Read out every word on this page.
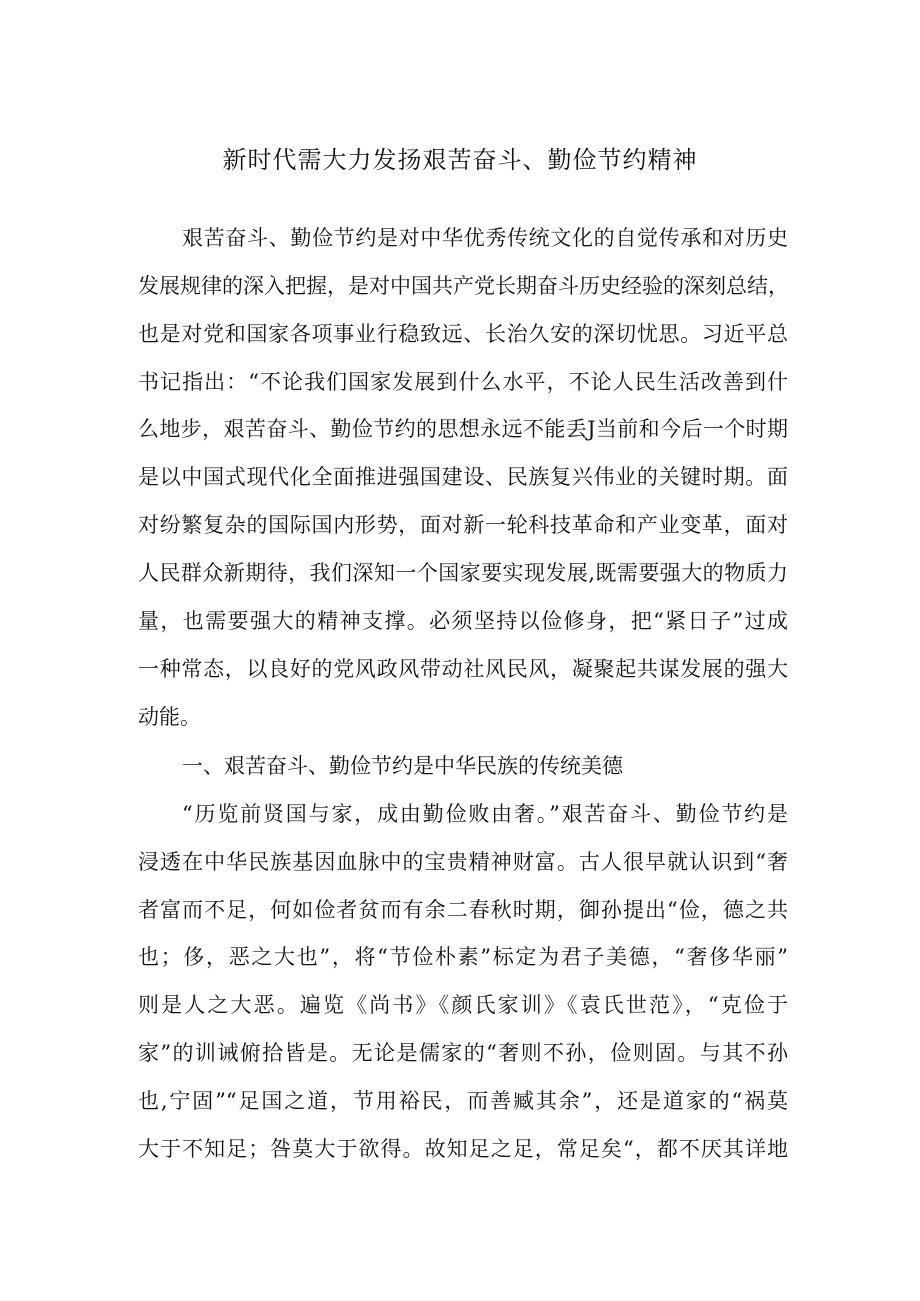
新时代需大力发扬艰苦奋斗、勤俭节约精神

艰苦奋斗、勤俭节约是对中华优秀传统文化的自觉传承和对历史

发展规律的深入把握，是对中国共产党长期奋斗历史经验的深刻总结，

也是对党和国家各项事业行稳致远、长治久安的深切忧思。习近平总

书记指出：“不论我们国家发展到什么水平，不论人民生活改善到什

么地步，艰苦奋斗、勤俭节约的思想永远不能丢J当前和今后一个时期

是以中国式现代化全面推进强国建设、民族复兴伟业的关键时期。面

对纷繁复杂的国际国内形势，面对新一轮科技革命和产业变革，面对

人民群众新期待，我们深知一个国家要实现发展,既需要强大的物质力

量，也需要强大的精神支撑。必须坚持以俭修身，把“紧日子”过成

一种常态，以良好的党风政风带动社风民风，凝聚起共谋发展的强大

动能。

一、艰苦奋斗、勤俭节约是中华民族的传统美德

“历览前贤国与家，成由勤俭败由奢。”艰苦奋斗、勤俭节约是

浸透在中华民族基因血脉中的宝贵精神财富。古人很早就认识到“奢

者富而不足，何如俭者贫而有余二春秋时期，御孙提出“俭，德之共

也；侈，恶之大也”，将“节俭朴素”标定为君子美德，“奢侈华丽”

则是人之大恶。遍览《尚书》《颜氏家训》《袁氏世范》，“克俭于

家”的训诫俯拾皆是。无论是儒家的“奢则不孙，俭则固。与其不孙

也,宁固”“足国之道，节用裕民，而善臧其余”，还是道家的“祸莫

大于不知足；咎莫大于欲得。故知足之足，常足矣“，都不厌其详地
